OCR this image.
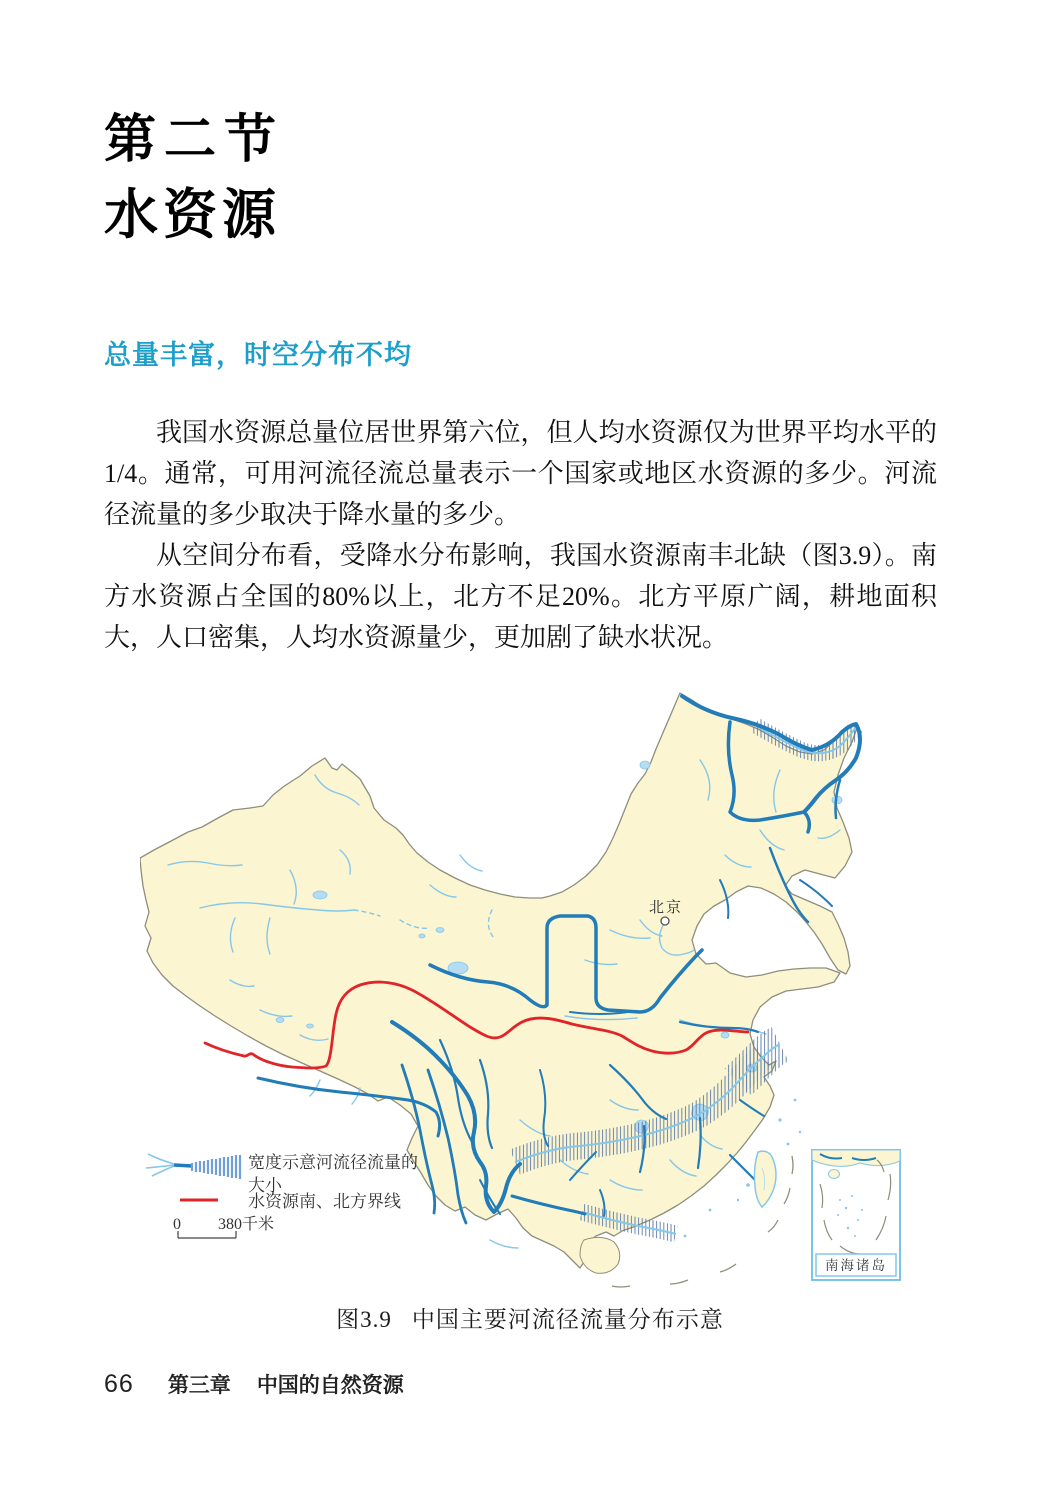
第二节
水资源
总量丰富，时空分布不均

我国水资源总量位居世界第六位，但人均水资源仅为世界平均水平的1/4。通常，可用河流径流总量表示一个国家或地区水资源的多少。河流径流量的多少取决于降水量的多少。

从空间分布看，受降水分布影响，我国水资源南丰北缺（图3.9）。南方水资源占全国的80%以上，北方不足20%。北方平原广阔，耕地面积大，人口密集，人均水资源量少，更加剧了缺水状况。

南海诸岛
北京
宽度示意河流径流量的
大小
水资源南、北方界线
0 380千米
图3.9 中国主要河流径流量分布示意
66 第三章 中国的自然资源
